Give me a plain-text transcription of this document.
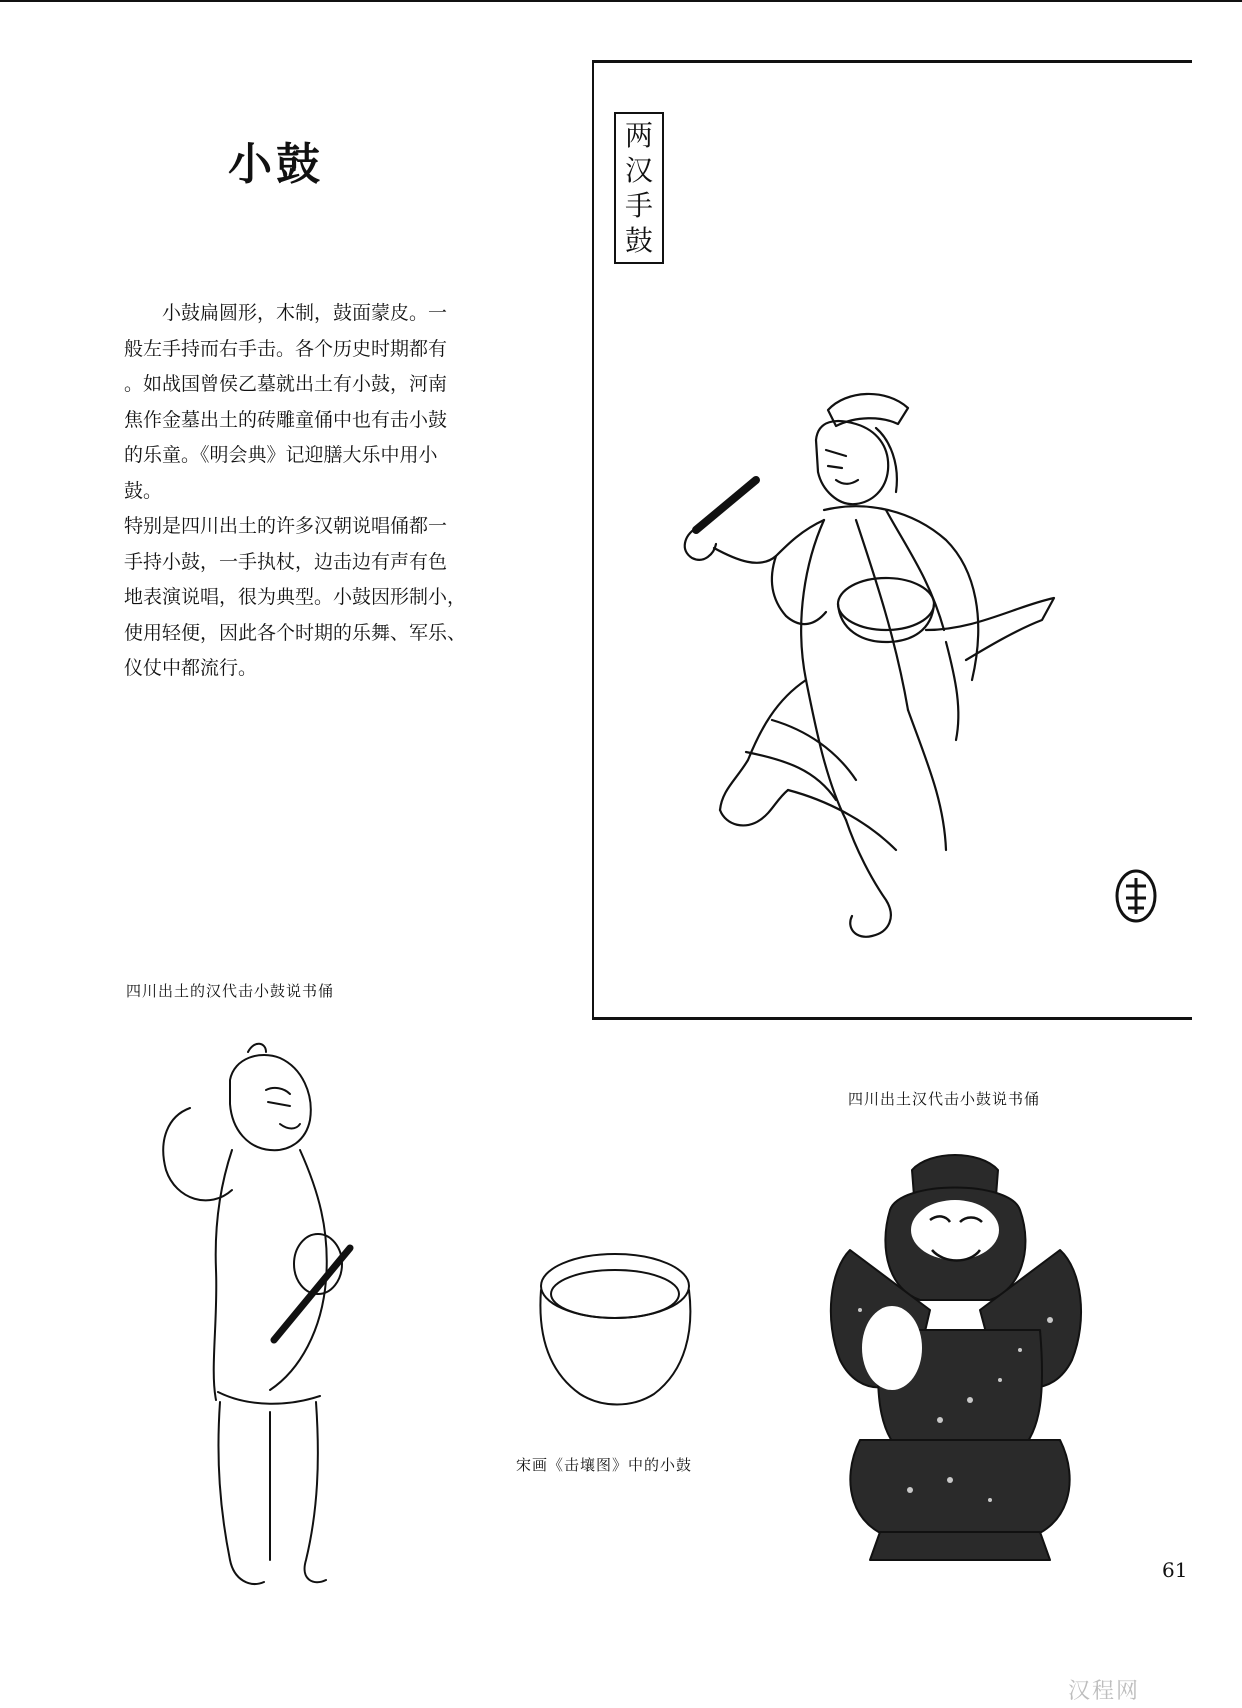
小鼓

小鼓扁圆形，木制，鼓面蒙皮。一

般左手持而右手击。各个历史时期都有
。如战国曾侯乙墓就出土有小鼓，河南
焦作金墓出土的砖雕童俑中也有击小鼓
的乐童。《明会典》记迎膳大乐中用小鼓。
特别是四川出土的许多汉朝说唱俑都一
手持小鼓，一手执杖，边击边有声有色
地表演说唱，很为典型。小鼓因形制小，
使用轻便，因此各个时期的乐舞、军乐、
仪仗中都流行。
两
汉
手
鼓
四川出土的汉代击小鼓说书俑
宋画《击壤图》中的小鼓
四川出土汉代击小鼓说书俑
61
汉程网
